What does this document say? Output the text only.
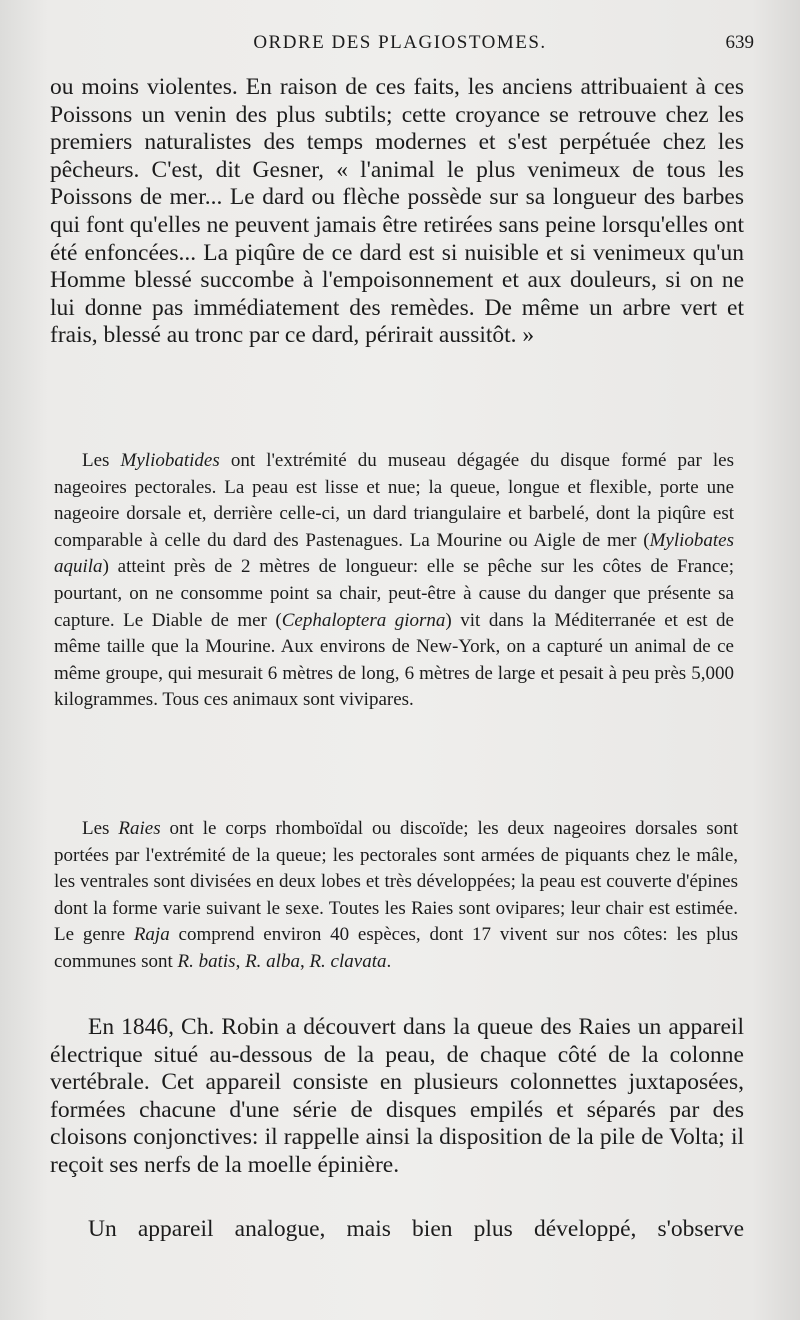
ORDRE DES PLAGIOSTOMES.	639

ou moins violentes. En raison de ces faits, les anciens attribuaient à ces Poissons un venin des plus subtils; cette croyance se retrouve chez les premiers naturalistes des temps modernes et s'est perpétuée chez les pêcheurs. C'est, dit Gesner, « l'animal le plus venimeux de tous les Poissons de mer... Le dard ou flèche possède sur sa longueur des barbes qui font qu'elles ne peuvent jamais être retirées sans peine lorsqu'elles ont été enfoncées... La piqûre de ce dard est si nuisible et si venimeux qu'un Homme blessé succombe à l'empoisonnement et aux douleurs, si on ne lui donne pas immédiatement des remèdes. De même un arbre vert et frais, blessé au tronc par ce dard, périrait aussitôt. »

Les Myliobatides ont l'extrémité du museau dégagée du disque formé par les nageoires pectorales. La peau est lisse et nue; la queue, longue et flexible, porte une nageoire dorsale et, derrière celle-ci, un dard triangulaire et barbelé, dont la piqûre est comparable à celle du dard des Pastenagues. La Mourine ou Aigle de mer (Myliobates aquila) atteint près de 2 mètres de longueur: elle se pêche sur les côtes de France; pourtant, on ne consomme point sa chair, peut-être à cause du danger que présente sa capture. Le Diable de mer (Cephaloptera giorna) vit dans la Méditerranée et est de même taille que la Mourine. Aux environs de New-York, on a capturé un animal de ce même groupe, qui mesurait 6 mètres de long, 6 mètres de large et pesait à peu près 5,000 kilogrammes. Tous ces animaux sont vivipares.

Les Raies ont le corps rhomboïdal ou discoïde; les deux nageoires dorsales sont portées par l'extrémité de la queue; les pectorales sont armées de piquants chez le mâle, les ventrales sont divisées en deux lobes et très développées; la peau est couverte d'épines dont la forme varie suivant le sexe. Toutes les Raies sont ovipares; leur chair est estimée. Le genre Raja comprend environ 40 espèces, dont 17 vivent sur nos côtes: les plus communes sont R. batis, R. alba, R. clavata.

En 1846, Ch. Robin a découvert dans la queue des Raies un appareil électrique situé au-dessous de la peau, de chaque côté de la colonne vertébrale. Cet appareil consiste en plusieurs colonnettes juxtaposées, formées chacune d'une série de disques empilés et séparés par des cloisons conjonctives: il rappelle ainsi la disposition de la pile de Volta; il reçoit ses nerfs de la moelle épinière.

Un appareil analogue, mais bien plus développé, s'observe
